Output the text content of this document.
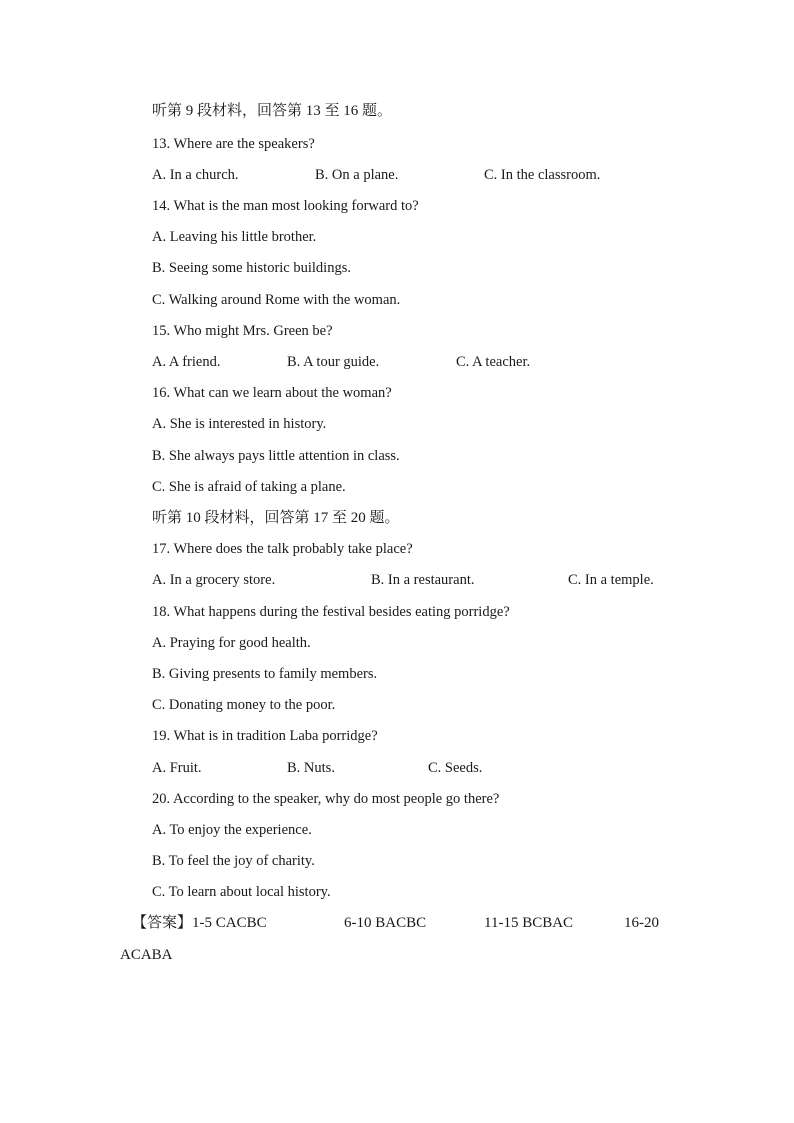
听第 9 段材料，回答第 13 至 16 题。
13. Where are the speakers?
A. In a church.	B. On a plane.	C. In the classroom.
14. What is the man most looking forward to?
A. Leaving his little brother.
B. Seeing some historic buildings.
C. Walking around Rome with the woman.
15. Who might Mrs. Green be?
A. A friend.	B. A tour guide.	C. A teacher.
16. What can we learn about the woman?
A. She is interested in history.
B. She always pays little attention in class.
C. She is afraid of taking a plane.
听第 10 段材料，回答第 17 至 20 题。
17. Where does the talk probably take place?
A. In a grocery store.	B. In a restaurant.	C. In a temple.
18. What happens during the festival besides eating porridge?
A. Praying for good health.
B. Giving presents to family members.
C. Donating money to the poor.
19. What is in tradition Laba porridge?
A. Fruit.	B. Nuts.	C. Seeds.
20. According to the speaker, why do most people go there?
A. To enjoy the experience.
B. To feel the joy of charity.
C. To learn about local history.
【答案】 1-5 CACBC	6-10 BACBC	11-15 BCBAC	16-20
ACABA
